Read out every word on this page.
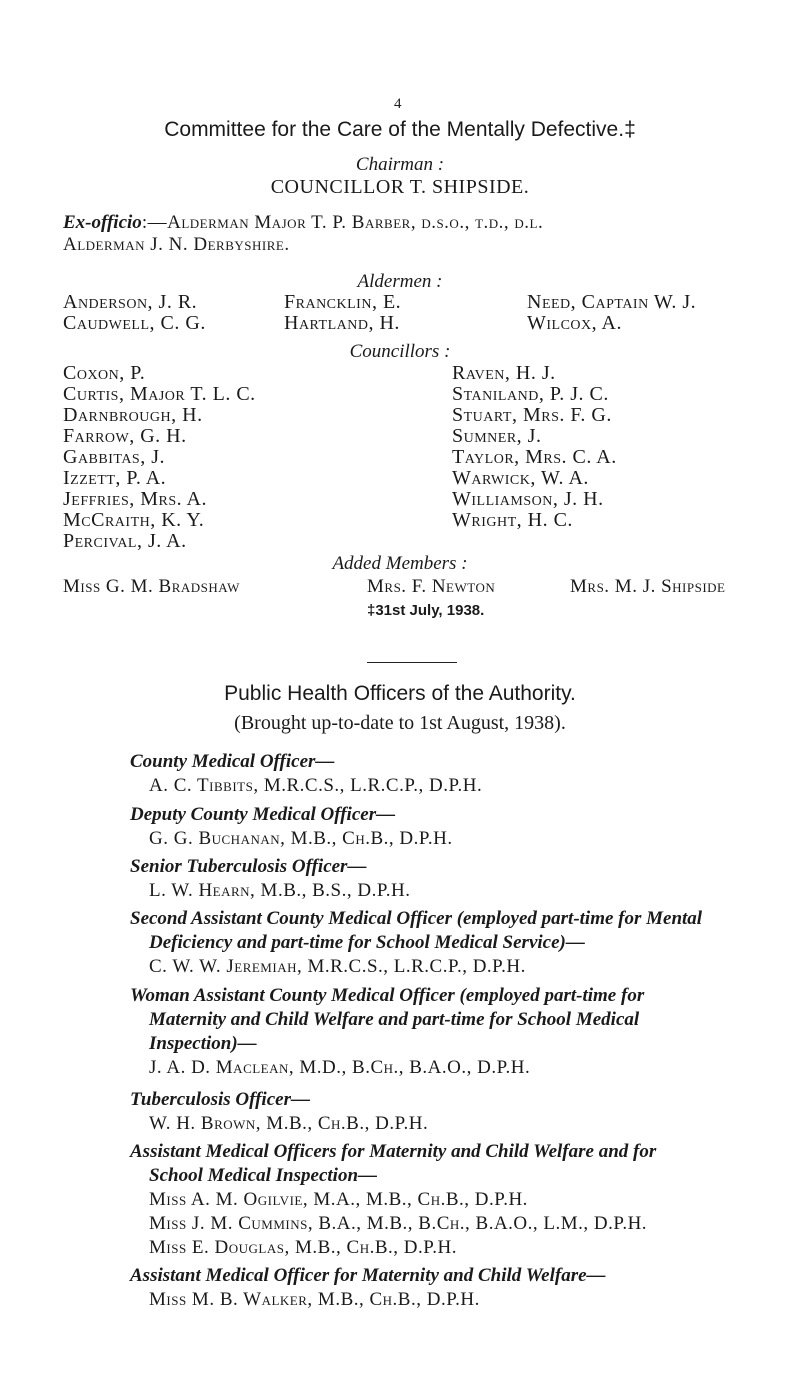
4
Committee for the Care of the Mentally Defective.‡
Chairman :
COUNCILLOR T. SHIPSIDE.
Ex-officio:—Alderman Major T. P. Barber, d.s.o., t.d., d.l.
Alderman J. N. Derbyshire.
Aldermen :
Anderson, J. R.
Caudwell, C. G.
Francklin, E.
Hartland, H.
Need, Captain W. J.
Wilcox, A.
Councillors :
Coxon, P.
Curtis, Major T. L. C.
Darnbrough, H.
Farrow, G. H.
Gabbitas, J.
Izzett, P. A.
Jeffries, Mrs. A.
McCraith, K. Y.
Percival, J. A.
Raven, H. J.
Staniland, P. J. C.
Stuart, Mrs. F. G.
Sumner, J.
Taylor, Mrs. C. A.
Warwick, W. A.
Williamson, J. H.
Wright, H. C.
Added Members :
Miss G. M. Bradshaw	Mrs. F. Newton	Mrs. M. J. Shipside
‡31st July, 1938.
Public Health Officers of the Authority.
(Brought up-to-date to 1st August, 1938).
County Medical Officer—
A. C. Tibbits, M.R.C.S., L.R.C.P., D.P.H.
Deputy County Medical Officer—
G. G. Buchanan, M.B., Ch.B., D.P.H.
Senior Tuberculosis Officer—
L. W. Hearn, M.B., B.S., D.P.H.
Second Assistant County Medical Officer (employed part-time for Mental
Deficiency and part-time for School Medical Service)—
C. W. W. Jeremiah, M.R.C.S., L.R.C.P., D.P.H.
Woman Assistant County Medical Officer (employed part-time for
Maternity and Child Welfare and part-time for School Medical
Inspection)—
J. A. D. Maclean, M.D., B.Ch., B.A.O., D.P.H.
Tuberculosis Officer—
W. H. Brown, M.B., Ch.B., D.P.H.
Assistant Medical Officers for Maternity and Child Welfare and for
School Medical Inspection—
Miss A. M. Ogilvie, M.A., M.B., Ch.B., D.P.H.
Miss J. M. Cummins, B.A., M.B., B.Ch., B.A.O., L.M., D.P.H.
Miss E. Douglas, M.B., Ch.B., D.P.H.
Assistant Medical Officer for Maternity and Child Welfare—
Miss M. B. Walker, M.B., Ch.B., D.P.H.
